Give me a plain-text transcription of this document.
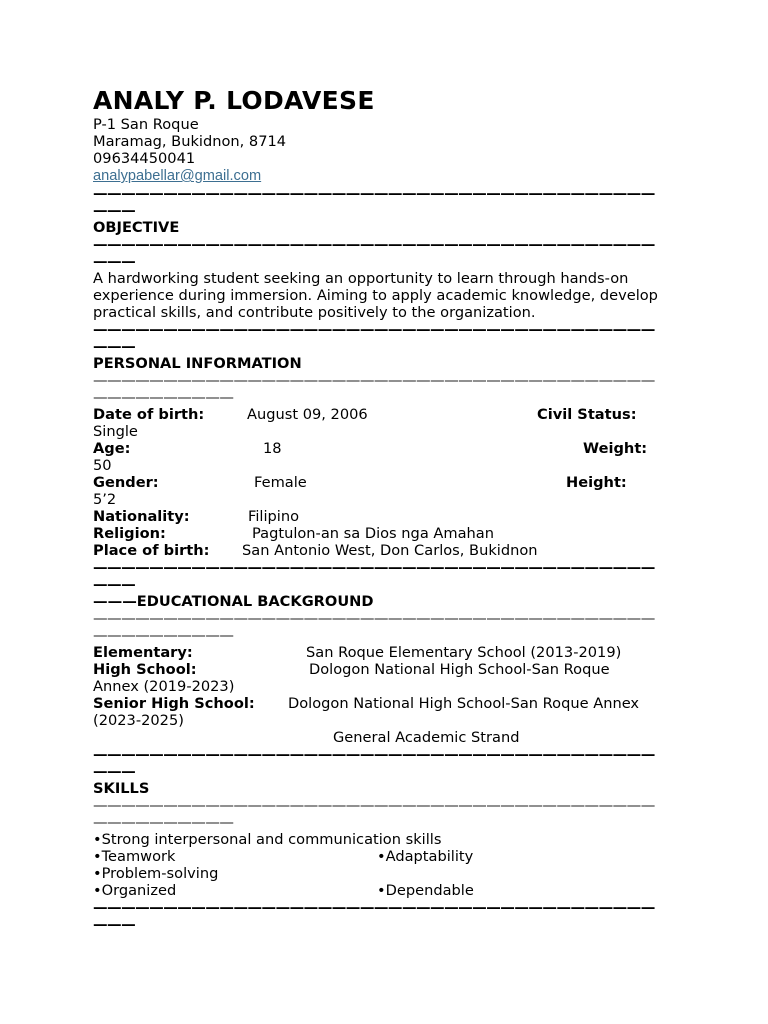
ANALY P. LODAVESE
P-1 San Roque
Maramag, Bukidnon, 8714
09634450041
analypabellar@gmail.com
———————————————————————————————————————————
OBJECTIVE
———————————————————————————————————————————
A hardworking student seeking an opportunity to learn through hands-on experience during immersion. Aiming to apply academic knowledge, develop practical skills, and contribute positively to the organization.
———————————————————————————————————————————
PERSONAL INFORMATION
——————————————————————————————————————————————————
Date of birth:	August 09, 2006	Civil Status:
Single
Age:	18	Weight:
50
Gender:	Female	Height:
5’2
Nationality:	Filipino
Religion:	Pagtulon-an sa Dios nga Amahan
Place of birth: San Antonio West, Don Carlos, Bukidnon
———————————————————————————————————————————
———EDUCATIONAL BACKGROUND
——————————————————————————————————————————————————
Elementary:	San Roque Elementary School (2013-2019)
High School:	Dologon National High School-San Roque
Annex (2019-2023)
Senior High School: Dologon National High School-San Roque Annex
(2023-2025)
General Academic Strand
———————————————————————————————————————————
SKILLS
——————————————————————————————————————————————————
•Strong interpersonal and communication skills
•Teamwork	•Adaptability
•Problem-solving
•Organized	•Dependable
———————————————————————————————————————————
